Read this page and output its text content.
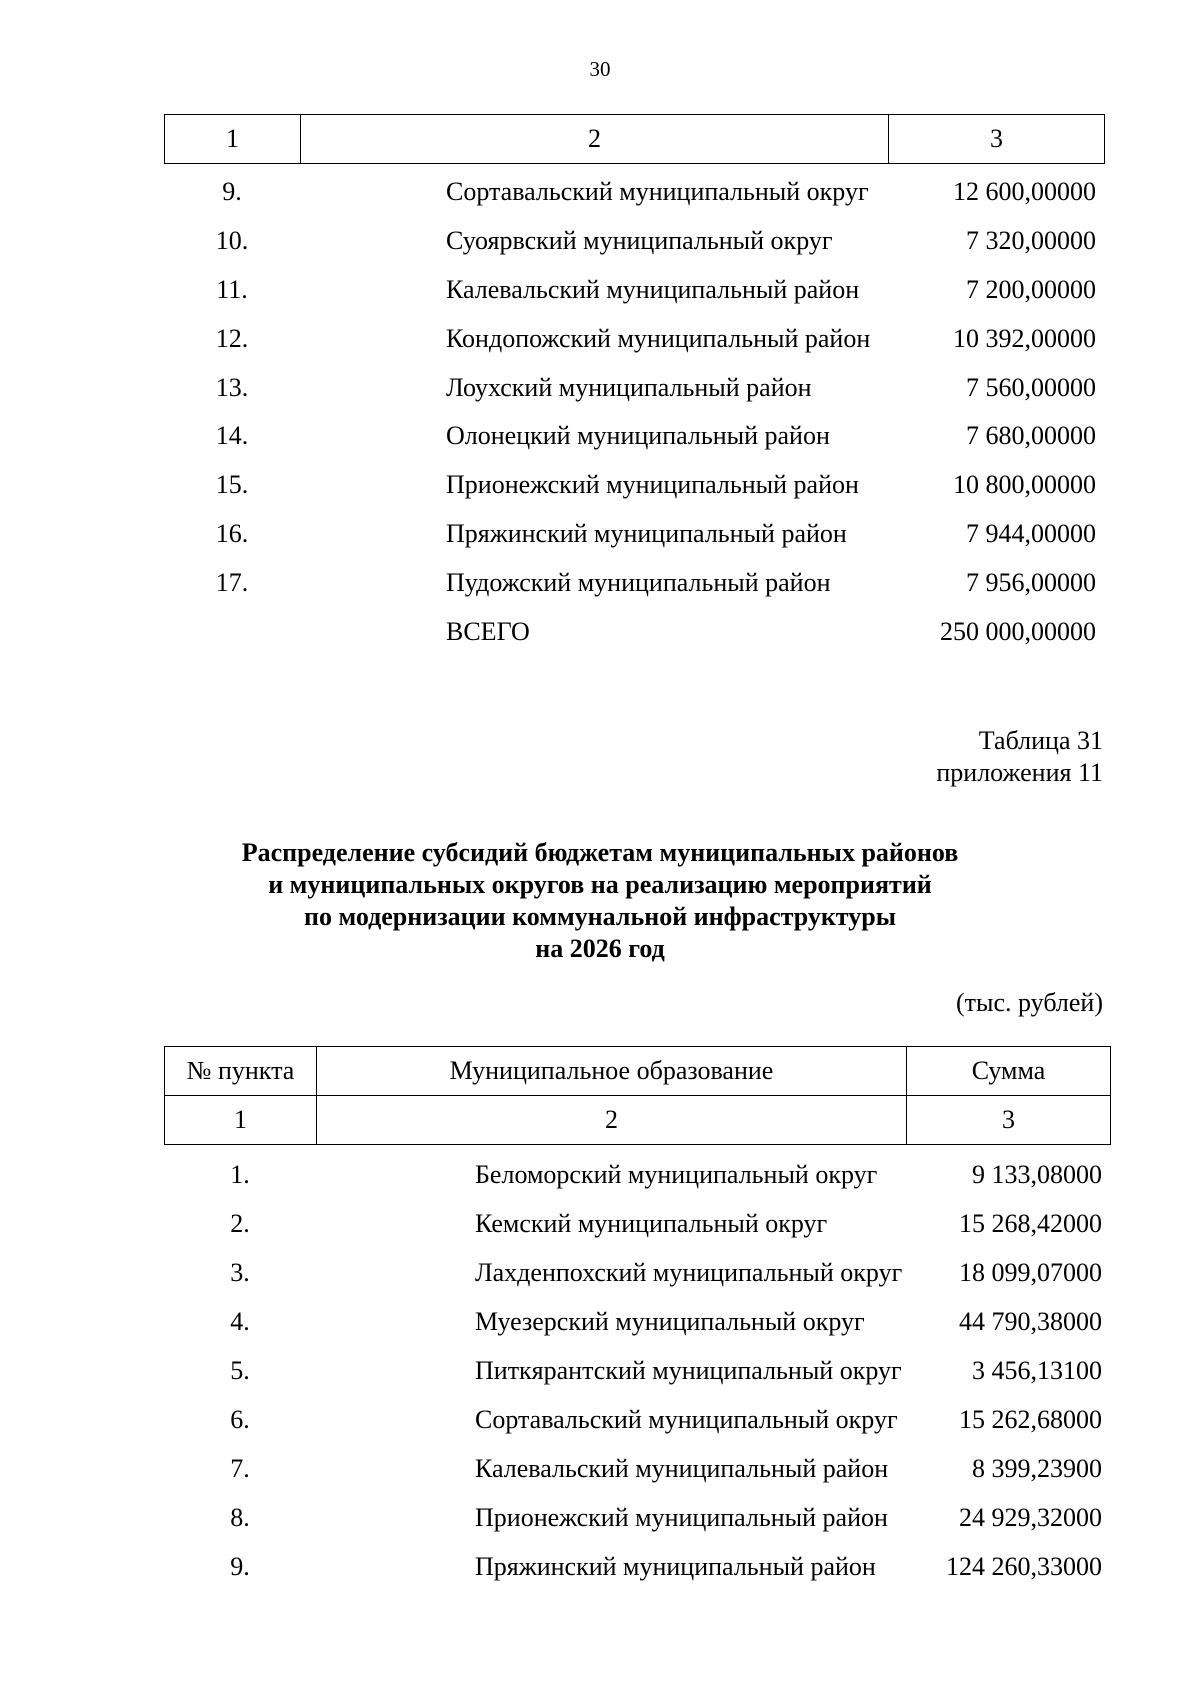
30
1	2	3
9.	Сортавальский муниципальный округ	12 600,00000
10.	Суоярвский муниципальный округ	7 320,00000
11.	Калевальский муниципальный район	7 200,00000
12.	Кондопожский муниципальный район	10 392,00000
13.	Лоухский муниципальный район	7 560,00000
14.	Олонецкий муниципальный район	7 680,00000
15.	Прионежский муниципальный район	10 800,00000
16.	Пряжинский муниципальный район	7 944,00000
17.	Пудожский муниципальный район	7 956,00000
	ВСЕГО	250 000,00000
Таблица 31
приложения 11
Распределение субсидий бюджетам муниципальных районов
и муниципальных округов на реализацию мероприятий
по модернизации коммунальной инфраструктуры
на 2026 год
(тыс. рублей)
№ пункта	Муниципальное образование	Сумма
1	2	3
1.	Беломорский муниципальный округ	9 133,08000
2.	Кемский муниципальный округ	15 268,42000
3.	Лахденпохский муниципальный округ	18 099,07000
4.	Муезерский муниципальный округ	44 790,38000
5.	Питкярантский муниципальный округ	3 456,13100
6.	Сортавальский муниципальный округ	15 262,68000
7.	Калевальский муниципальный район	8 399,23900
8.	Прионежский муниципальный район	24 929,32000
9.	Пряжинский муниципальный район	124 260,33000
